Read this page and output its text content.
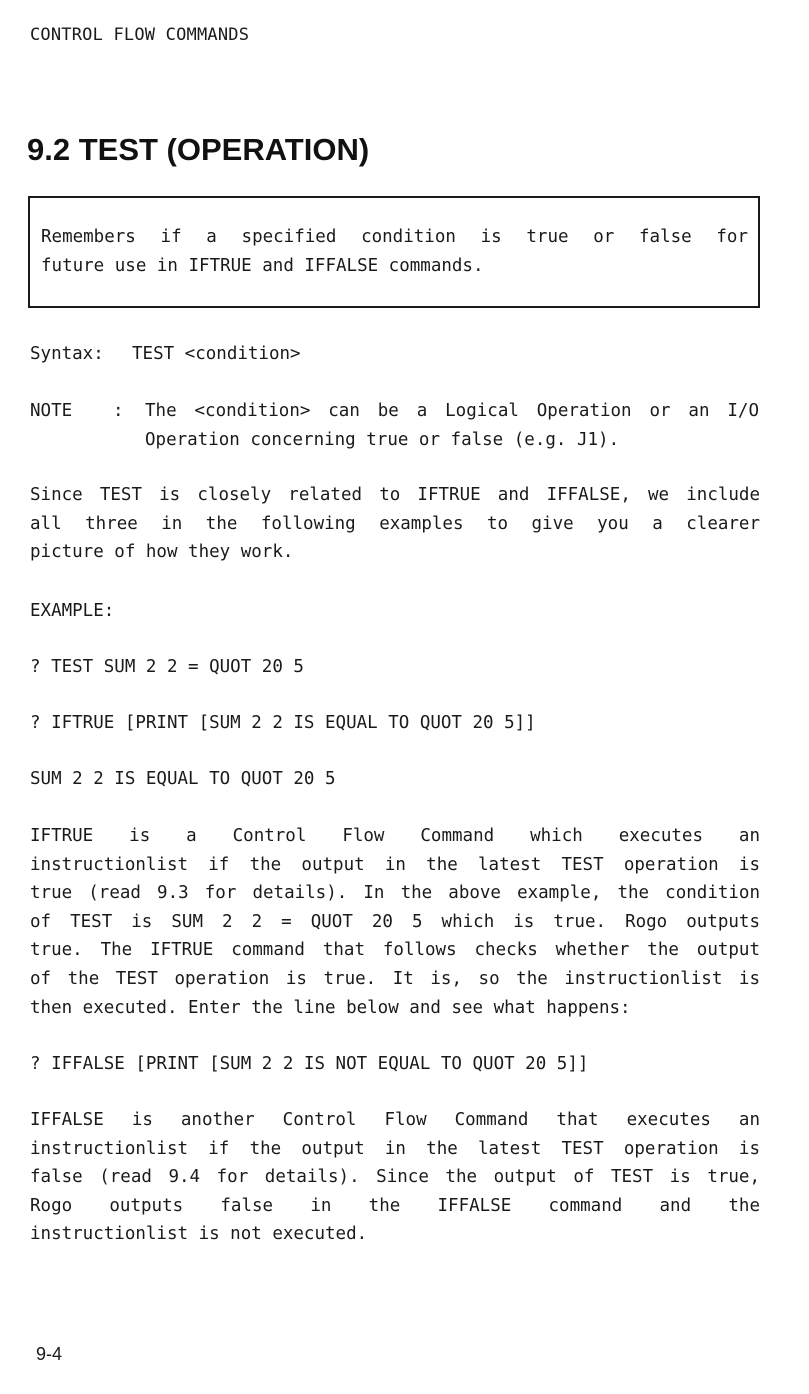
CONTROL FLOW COMMANDS
9.2 TEST (OPERATION)
Remembers if a specified condition is true or false for
future use in IFTRUE and IFFALSE commands.
Syntax: TEST <condition>
NOTE : The <condition> can be a Logical Operation or an I/O
Operation concerning true or false (e.g. J1).
Since TEST is closely related to IFTRUE and IFFALSE, we include
all three in the following examples to give you a clearer
picture of how they work.
EXAMPLE:
? TEST SUM 2 2 = QUOT 20 5
? IFTRUE [PRINT [SUM 2 2 IS EQUAL TO QUOT 20 5]]
SUM 2 2 IS EQUAL TO QUOT 20 5
IFTRUE is a Control Flow Command which executes an
instructionlist if the output in the latest TEST operation is
true (read 9.3 for details). In the above example, the condition
of TEST is SUM 2 2 = QUOT 20 5 which is true. Rogo outputs
true. The IFTRUE command that follows checks whether the output
of the TEST operation is true. It is, so the instructionlist is
then executed. Enter the line below and see what happens:
? IFFALSE [PRINT [SUM 2 2 IS NOT EQUAL TO QUOT 20 5]]
IFFALSE is another Control Flow Command that executes an
instructionlist if the output in the latest TEST operation is
false (read 9.4 for details). Since the output of TEST is true,
Rogo outputs false in the IFFALSE command and the
instructionlist is not executed.
9-4
